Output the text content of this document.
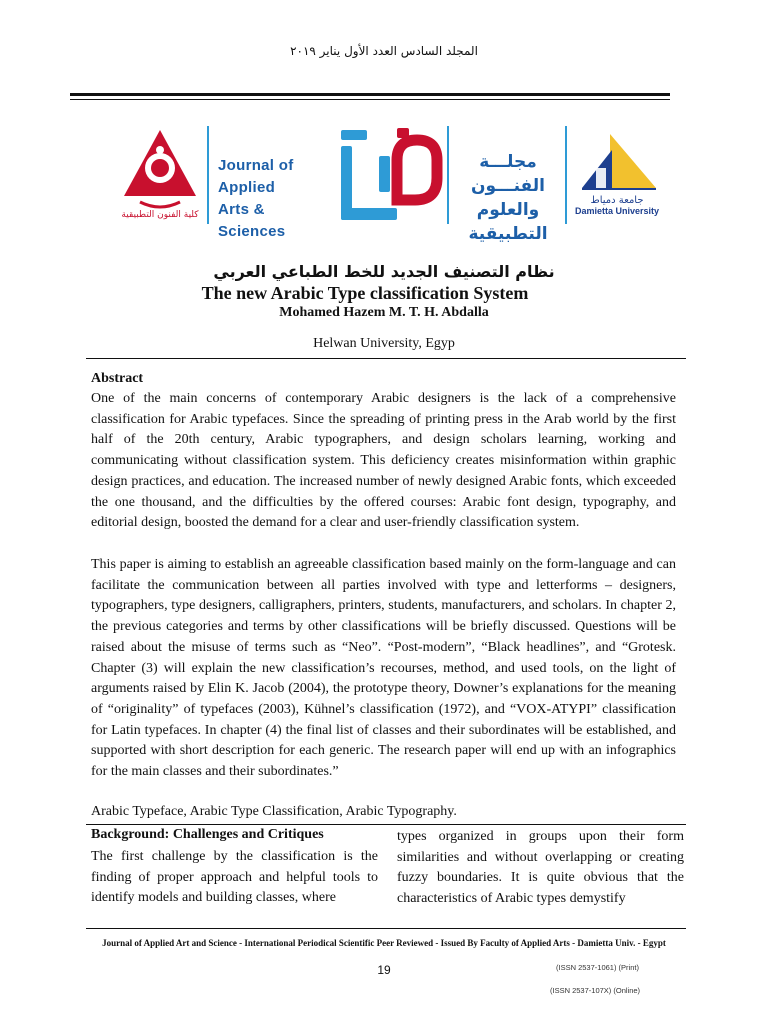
المجلد السادس العدد الأول يناير ٢٠١٩
كلية الفنون التطبيقية
Journal of Applied
Arts & Sciences
مجلـــة الفنـــون
والعلوم التطبيقية
جامعة دمياط
Damietta University
نظام التصنيف الجديد للخط الطباعي العربي
The new Arabic Type classification System
Mohamed Hazem M. T. H. Abdalla
Helwan University, Egyp
Abstract
One of the main concerns of contemporary Arabic designers is the lack of a comprehensive classification for Arabic typefaces. Since the spreading of printing press in the Arab world by the first half of the 20th century, Arabic typographers, and design scholars learning, working and communicating without classification system. This deficiency creates misinformation within graphic design practices, and education. The increased number of newly designed Arabic fonts, which exceeded the one thousand, and the difficulties by the offered courses: Arabic font design, typography, and editorial design, boosted the demand for a clear and user-friendly classification system.
This paper is aiming to establish an agreeable classification based mainly on the form-language and can facilitate the communication between all parties involved with type and letterforms – designers, typographers, type designers, calligraphers, printers, students, manufacturers, and scholars. In chapter 2, the previous categories and terms by other classifications will be briefly discussed. Questions will be raised about the misuse of terms such as “Neo”. “Post-modern”, “Black headlines”, and “Grotesk. Chapter (3) will explain the new classification’s recourses, method, and used tools, on the light of arguments raised by Elin K. Jacob (2004), the prototype theory, Downer’s explanations for the meaning of “originality” of typefaces (2003), Kühnel’s classification (1972), and “VOX-ATYPI” classification for Latin typefaces. In chapter (4) the final list of classes and their subordinates will be established, and supported with short description for each generic. The research paper will end up with an infographics for the main classes and their subordinates.”
Arabic Typeface, Arabic Type Classification, Arabic Typography.
Background: Challenges and Critiques
The first challenge by the classification is the finding of proper approach and helpful tools to identify models and building classes, where
types organized in groups upon their form similarities and without overlapping or creating fuzzy boundaries. It is quite obvious that the characteristics of Arabic types demystify
Journal of Applied Art and Science - International Periodical Scientific Peer Reviewed - Issued By Faculty of Applied Arts - Damietta Univ. - Egypt
19	(ISSN 2537-1061) (Print)
(ISSN 2537-107X) (Online)
